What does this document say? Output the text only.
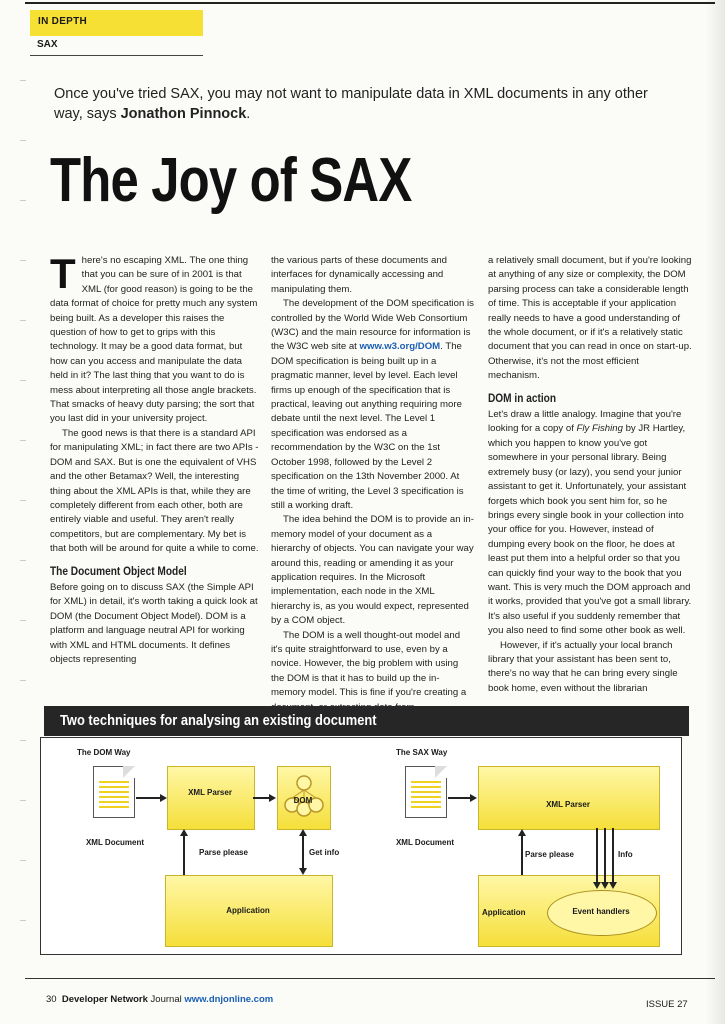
IN DEPTH
SAX
Once you've tried SAX, you may not want to manipulate data in XML documents in any other way, says Jonathon Pinnock.
The Joy of SAX
T here's no escaping XML. The one thing that you can be sure of in 2001 is that XML (for good reason) is going to be the data format of choice for pretty much any system being built. As a developer this raises the question of how to get to grips with this technology. It may be a good data format, but how can you access and manipulate the data held in it? The last thing that you want to do is mess about interpreting all those angle brackets. That smacks of heavy duty parsing; the sort that you last did in your university project.

The good news is that there is a standard API for manipulating XML; in fact there are two APIs - DOM and SAX. But is one the equivalent of VHS and the other Betamax? Well, the interesting thing about the XML APIs is that, while they are completely different from each other, both are entirely viable and useful. They aren't really competitors, but are complementary. My bet is that both will be around for quite a while to come.

The Document Object Model

Before going on to discuss SAX (the Simple API for XML) in detail, it's worth taking a quick look at DOM (the Document Object Model). DOM is a platform and language neutral API for working with XML and HTML documents. It defines objects representing

the various parts of these documents and interfaces for dynamically accessing and manipulating them.

The development of the DOM specification is controlled by the World Wide Web Consortium (W3C) and the main resource for information is the W3C web site at www.w3.org/DOM. The DOM specification is being built up in a pragmatic manner, level by level. Each level firms up enough of the specification that is practical, leaving out anything requiring more debate until the next level. The Level 1 specification was endorsed as a recommendation by the W3C on the 1st October 1998, followed by the Level 2 specification on the 13th November 2000. At the time of writing, the Level 3 specification is still a working draft.

The idea behind the DOM is to provide an in-memory model of your document as a hierarchy of objects. You can navigate your way around this, reading or amending it as your application requires. In the Microsoft implementation, each node in the XML hierarchy is, as you would expect, represented by a COM object.

The DOM is a well thought-out model and it's quite straightforward to use, even by a novice. However, the big problem with using the DOM is that it has to build up the in-memory model. This is fine if you're creating a

a relatively small document, but if you're looking at anything of any size or complexity, the DOM parsing process can take a considerable length of time. This is acceptable if your application really needs to have a good understanding of the whole document, or if it's a relatively static document that you can read in once on start-up. Otherwise, it's not the most efficient mechanism.

DOM in action

Let's draw a little analogy. Imagine that you're looking for a copy of Fly Fishing by JR Hartley, which you happen to know you've got somewhere in your personal library. Being extremely busy (or lazy), you send your junior assistant to get it. Unfortunately, your assistant forgets which book you sent him for, so he brings every single book in your collection into your office for you. However, instead of dumping every book on the floor, he does at least put them into a helpful order so that you can quickly find your way to the book that you want. This is very much the DOM approach and it works, provided that you've got a small library. It's also useful if you suddenly remember that you also need to find some other book as well.

However, if it's actually your local branch library that your assistant has been sent to, there's no way that he can bring every single book home, even without the librarian

Two techniques for analysing an existing document
The DOM Way
XML Document
XML Parser
DOM
Application
Parse please	Get info
The SAX Way
XML Document
XML Parser
Application	Event handlers
Parse please	Info
30 Developer Network Journal www.dnjonline.com	ISSUE 27
